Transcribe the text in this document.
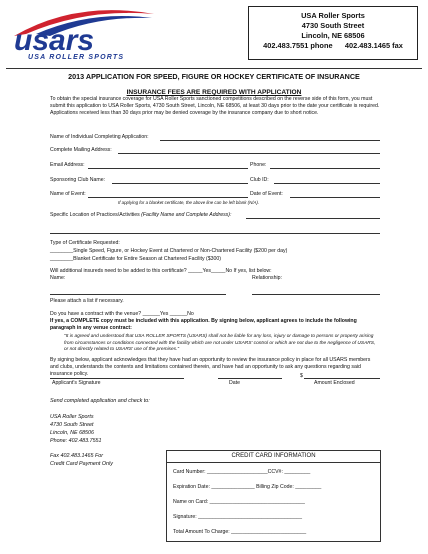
usars
USA ROLLER SPORTS
USA Roller Sports
4730 South Street
Lincoln, NE 68506
402.483.7551 phone      402.483.1465 fax
2013 APPLICATION FOR SPEED, FIGURE OR HOCKEY CERTIFICATE OF INSURANCE
INSURANCE FEES ARE REQUIRED WITH APPLICATION
To obtain the special insurance coverage for USA Roller Sports sanctioned competitions described on the reverse side of this form, you must submit this application to USA Roller Sports, 4730 South Street, Lincoln, NE 68506, at least 30 days prior to the date your certificate is required. Applications received less than 30 days prior may be denied coverage by the insurance company due to short notice.
Name of Individual Completing Application:
Complete Mailing Address:
Email Address:	Phone:
Sponsoring Club Name:	Club ID:
Name of Event:	Date of Event:
If applying for a blanket certificate, the above line can be left blank (N/A).
Specific Location of Practices/Activities (Facility Name and Complete Address):
Type of Certificate Requested:
________Single Speed, Figure, or Hockey Event at Chartered or Non-Chartered Facility ($200 per day)
________Blanket Certificate for Entire Season at Chartered Facility ($300)
Will additional insureds need to be added to this certificate? _____Yes_____No If yes, list below:
Name:	Relationship:
Please attach a list if necessary.
Do you have a contract with the venue? ______Yes ______No
If yes, a COMPLETE copy must be included with this application. By signing below, applicant agrees to include the following paragraph in any venue contract:
"It is agreed and understood that USA ROLLER SPORTS (USARS) shall not be liable for any loss, injury or damage to persons or property arising from circumstances or conditions connected with the facility which are not under USARS' control or which are not due to the negligence of USARS, or not directly related to USARS' use of the premises."
By signing below, applicant acknowledges that they have had an opportunity to review the insurance policy in place for all USARS members and clubs, understands the contents and limitations contained therein, and have had an opportunity to ask any questions regarding said insurance policy.	$
Applicant's Signature	Date	Amount Enclosed
Send completed application and check to:
USA Roller Sports
4730 South Street
Lincoln, NE 68506
Phone: 402.483.7551
Fax 402.483.1465 For
Credit Card Payment Only
CREDIT CARD INFORMATION
Card Number: _____________________CCV#: _________
Expiration Date: _______________ Billing Zip Code: _________
Name on Card: _________________________________
Signature: ____________________________________
Total Amount To Charge: __________________________
